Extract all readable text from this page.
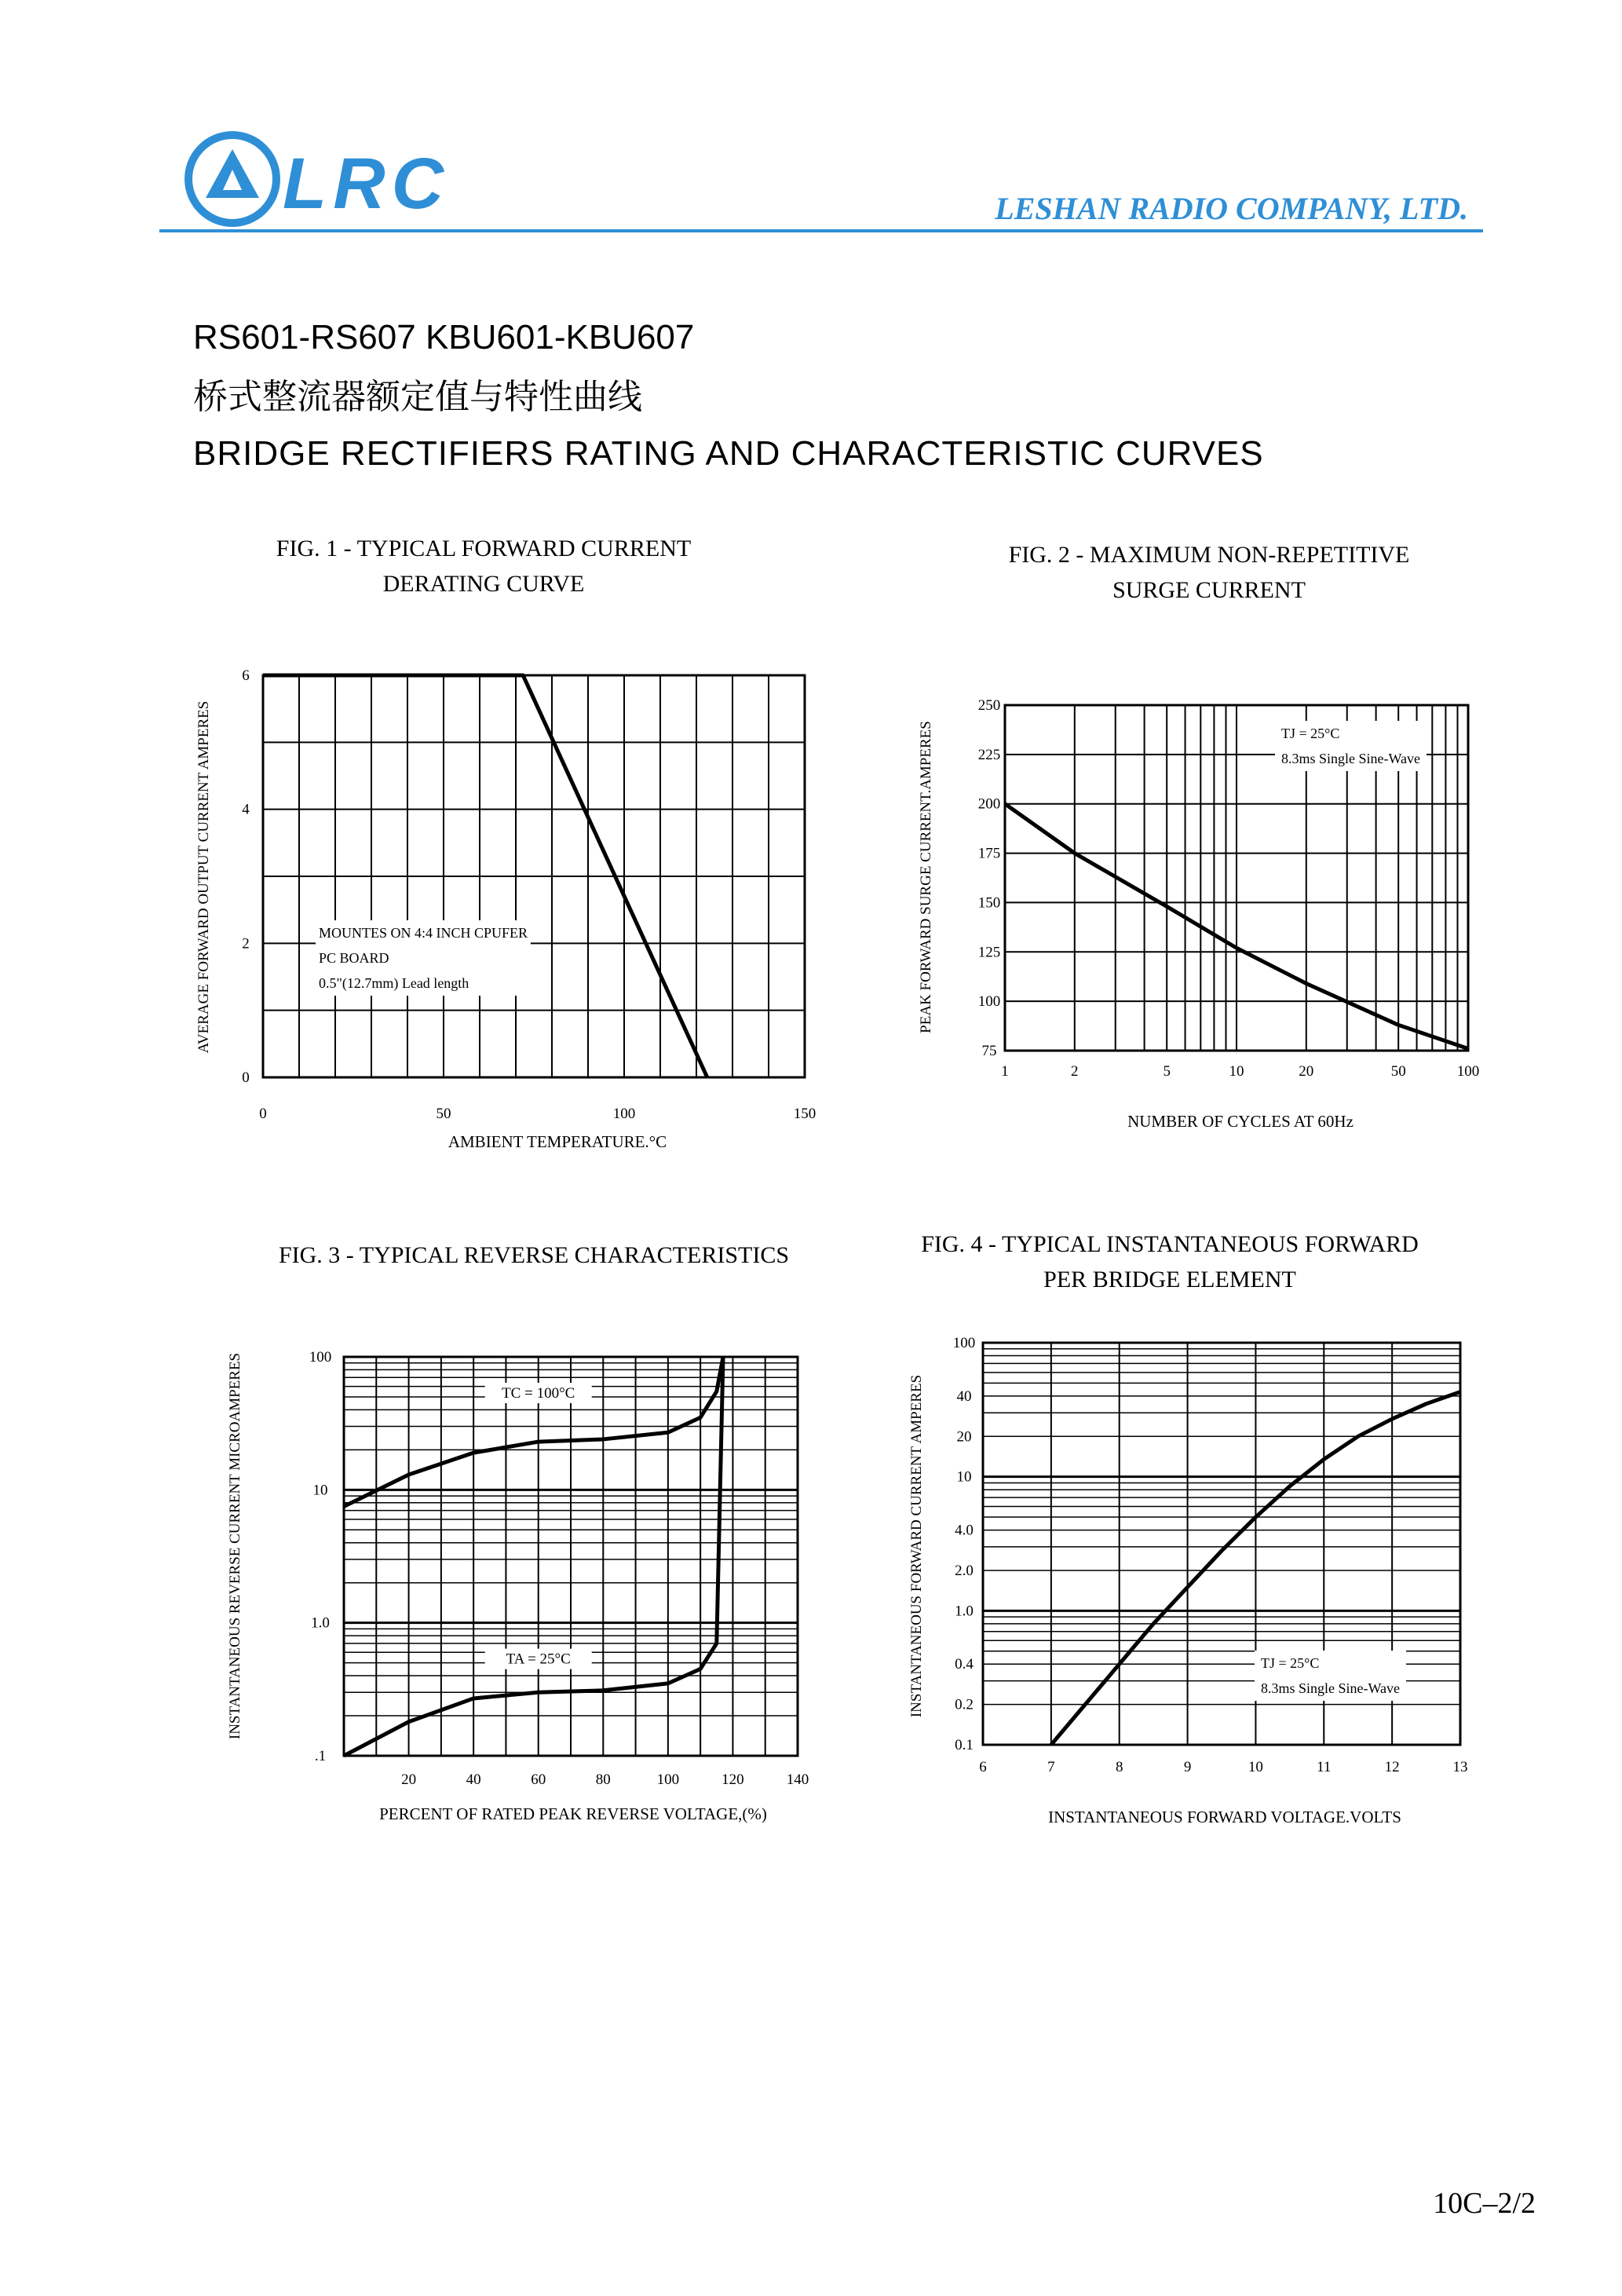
LRC	LESHAN RADIO COMPANY, LTD.
RS601-RS607 KBU601-KBU607
桥式整流器额定值与特性曲线
BRIDGE RECTIFIERS RATING AND CHARACTERISTIC CURVES
FIG. 1 - TYPICAL FORWARD CURRENT
DERATING CURVE
FIG. 2 - MAXIMUM NON-REPETITIVE
SURGE CURRENT
FIG. 3 - TYPICAL REVERSE CHARACTERISTICS	FIG. 4 - TYPICAL INSTANTANEOUS FORWARD
PER BRIDGE ELEMENT
AMBIENT TEMPERATURE.°C
NUMBER OF CYCLES AT 60Hz
PERCENT OF RATED PEAK REVERSE VOLTAGE,(%)	INSTANTANEOUS FORWARD VOLTAGE.VOLTS
AVERAGE FORWARD OUTPUT CURRENT AMPERES	PEAK FORWARD SURGE CURRENT.AMPERES
INSTANTANEOUS REVERSE CURRENT MICROAMPERES	INSTANTANEOUS FORWARD CURRENT AMPERES
0	50	100	150
0
2
4
6
1	2	5	10	20	50	100
75
100
125
150
175
200
225
250
20	40	60	80	100	120	140
.1
1.0
10
100
TC = 100°C
TA = 25°C
6	7	8	9	10	11	12	13
0.1
0.2
0.4
1.0
2.0
4.0
10
20
40
100
MOUNTES ON 4:4 INCH CPUFER
PC BOARD
0.5"(12.7mm) Lead length
TJ = 25°C
8.3ms Single Sine-Wave
TJ = 25°C
8.3ms Single Sine-Wave
10C–2/2
